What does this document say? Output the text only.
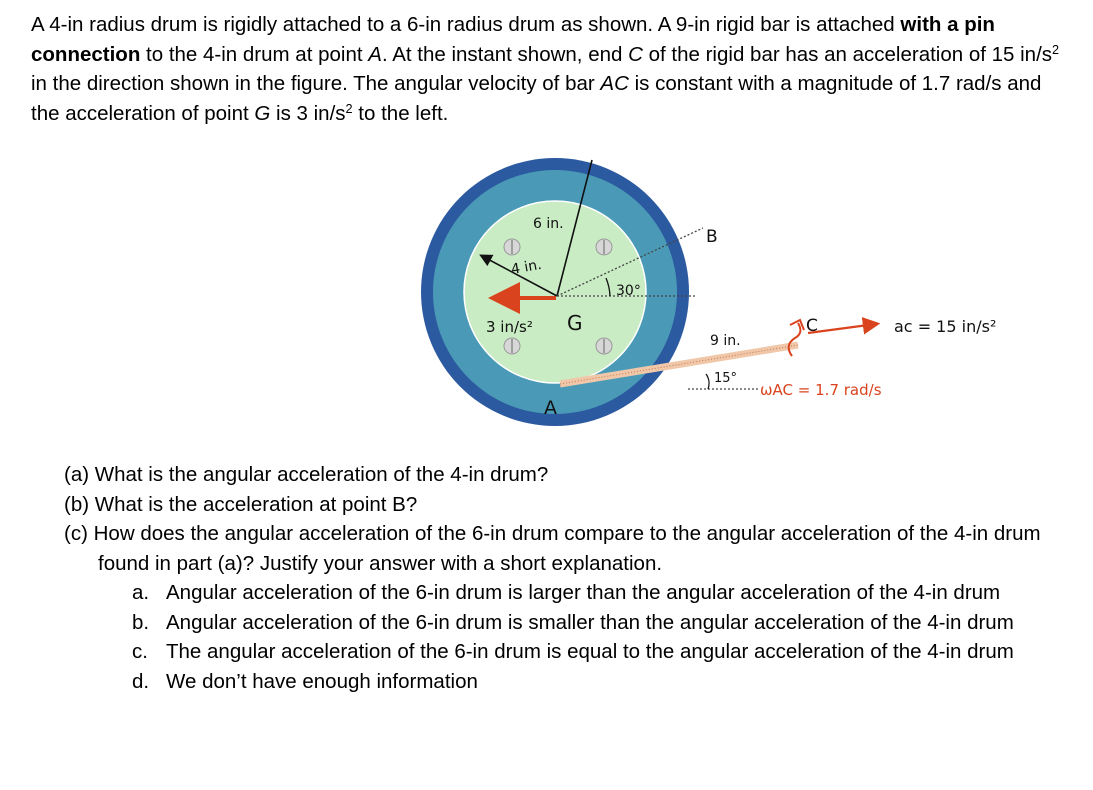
A 4-in radius drum is rigidly attached to a 6-in radius drum as shown. A 9-in rigid bar is attached with a pin connection to the 4-in drum at point A. At the instant shown, end C of the rigid bar has an acceleration of 15 $in/s^2$ in the direction shown in the figure. The angular velocity of bar AC is constant with a magnitude of 1.7 rad/s and the acceleration of point G is 3 $in/s^2$ to the left.
6 in.
4 in.
30°
B
3 in/s² G
A
9 in.
15°
C	ac = 15 in/s²
ωAC = 1.7 rad/s

(a) What is the angular acceleration of the 4-in drum?

(b) What is the acceleration at point B?

(c) How does the angular acceleration of the 6-in drum compare to the angular acceleration of the 4-in drum found in part (a)? Justify your answer with a short explanation.

a. Angular acceleration of the 6-in drum is larger than the angular acceleration of the 4-in drum
b. Angular acceleration of the 6-in drum is smaller than the angular acceleration of the 4-in drum
c. The angular acceleration of the 6-in drum is equal to the angular acceleration of the 4-in drum
d. We don’t have enough information
